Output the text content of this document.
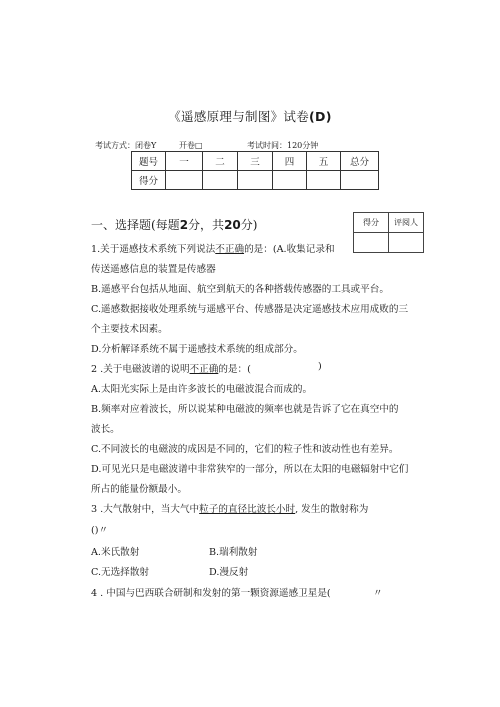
《遥感原理与制图》试卷(D)
考试方式：闭卷Y	开卷□	考试时间：120分钟
题号	一	二	三	四	五	总分
得分						
一、选择题(每题2分，共20分)	得分	评阅人

1.关于遥感技术系统下列说法不正确的是：(A.收集记录和
传送遥感信息的装置是传感器
B.遥感平台包括从地面、航空到航天的各种搭载传感器的工具或平台。
C.遥感数据接收处理系统与遥感平台、传感器是决定遥感技术应用成败的三
个主要技术因素。
D.分析解译系统不属于遥感技术系统的组成部分。
2 .关于电磁波谱的说明不正确的是：(	)
A.太阳光实际上是由许多波长的电磁波混合而成的。
B.频率对应着波长，所以说某种电磁波的频率也就是告诉了它在真空中的
波长。
C.不同波长的电磁波的成因是不同的，它们的粒子性和波动性也有差异。
D.可见光只是电磁波谱中非常狭窄的一部分，所以在太阳的电磁辐射中它们
所占的能量份额最小。
3 .大气散射中，当大气中粒子的直径比波长小时, 发生的散射称为
()〃
A.米氏散射	B.瑞利散射
C.无选择散射	D.漫反射
4 . 中国与巴西联合研制和发射的第一颗资源遥感卫星是(	〃
